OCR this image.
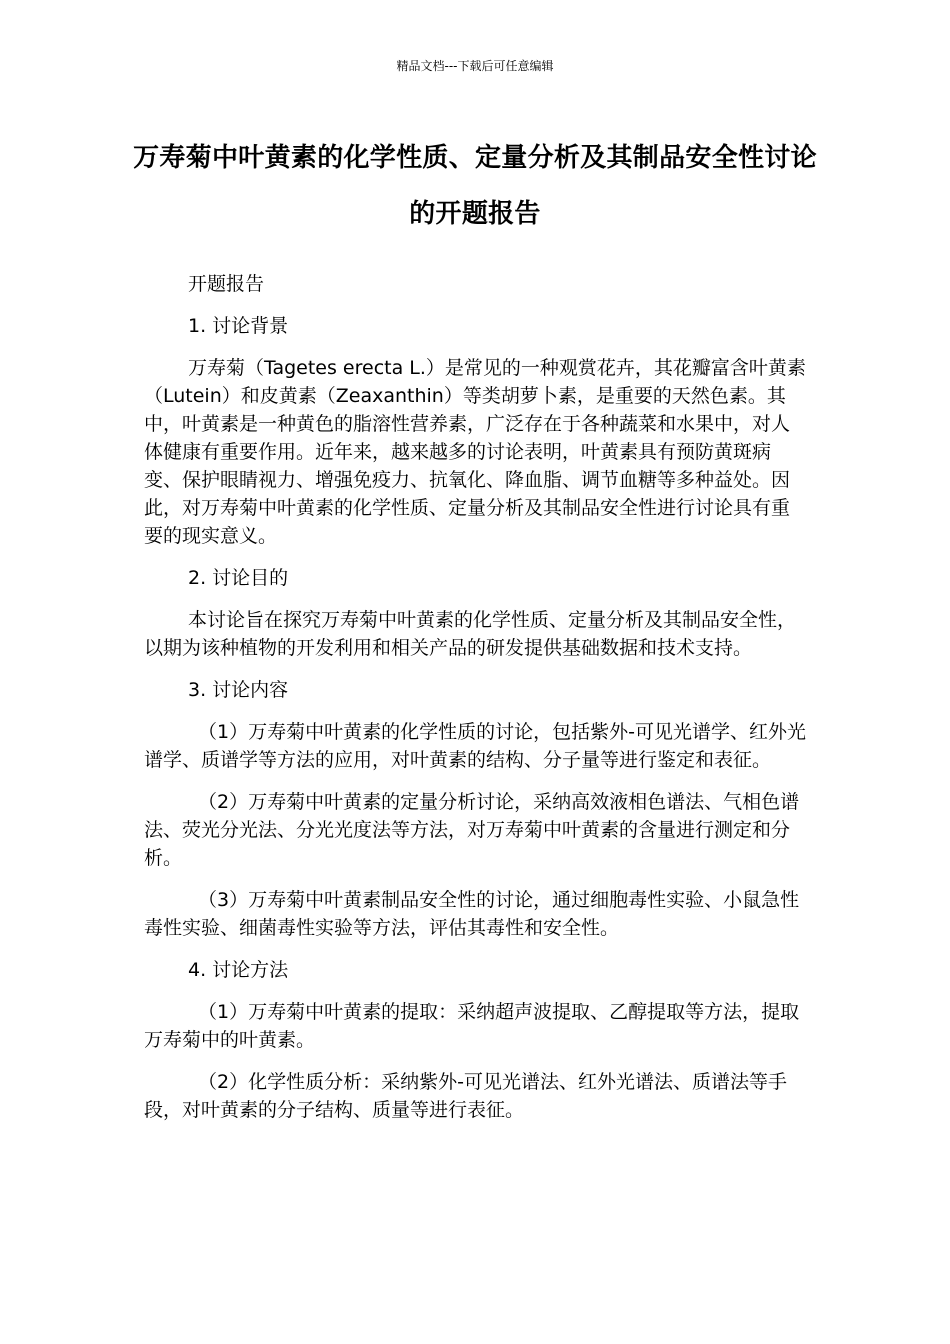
精品文档---下载后可任意编辑
万寿菊中叶黄素的化学性质、定量分析及其制品安全性讨论的开题报告

开题报告

1. 讨论背景

万寿菊（Tagetes erecta L.）是常见的一种观赏花卉，其花瓣富含叶黄素（Lutein）和皮黄素（Zeaxanthin）等类胡萝卜素，是重要的天然色素。其中，叶黄素是一种黄色的脂溶性营养素，广泛存在于各种蔬菜和水果中，对人体健康有重要作用。近年来，越来越多的讨论表明，叶黄素具有预防黄斑病变、保护眼睛视力、增强免疫力、抗氧化、降血脂、调节血糖等多种益处。因此，对万寿菊中叶黄素的化学性质、定量分析及其制品安全性进行讨论具有重要的现实意义。

2. 讨论目的

本讨论旨在探究万寿菊中叶黄素的化学性质、定量分析及其制品安全性，以期为该种植物的开发利用和相关产品的研发提供基础数据和技术支持。

3. 讨论内容

（1）万寿菊中叶黄素的化学性质的讨论，包括紫外-可见光谱学、红外光谱学、质谱学等方法的应用，对叶黄素的结构、分子量等进行鉴定和表征。

（2）万寿菊中叶黄素的定量分析讨论，采纳高效液相色谱法、气相色谱法、荧光分光法、分光光度法等方法，对万寿菊中叶黄素的含量进行测定和分析。

（3）万寿菊中叶黄素制品安全性的讨论，通过细胞毒性实验、小鼠急性毒性实验、细菌毒性实验等方法，评估其毒性和安全性。

4. 讨论方法

（1）万寿菊中叶黄素的提取：采纳超声波提取、乙醇提取等方法，提取万寿菊中的叶黄素。

（2）化学性质分析：采纳紫外-可见光谱法、红外光谱法、质谱法等手段，对叶黄素的分子结构、质量等进行表征。
